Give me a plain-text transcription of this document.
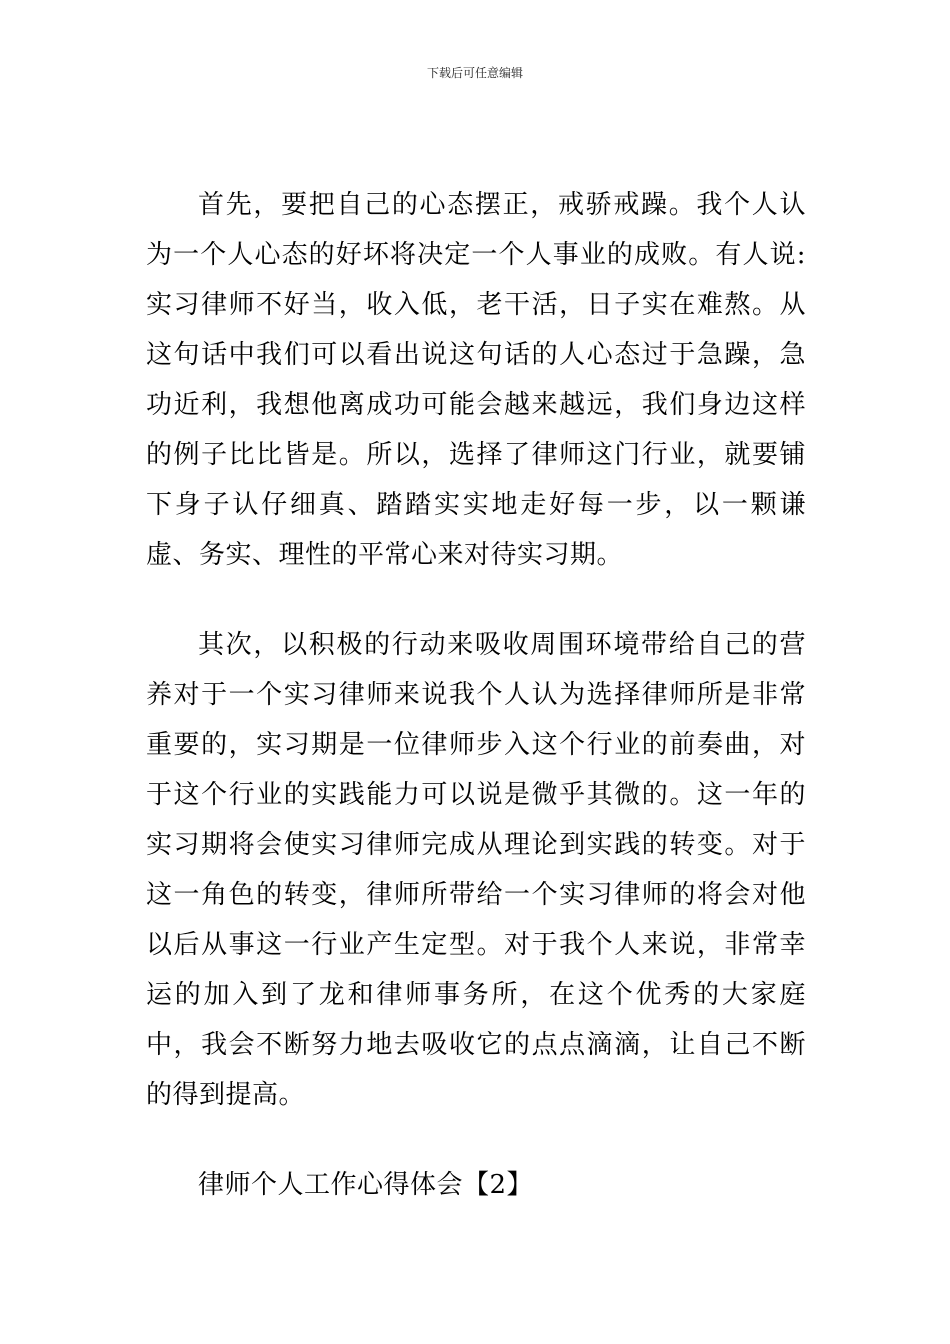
下载后可任意编辑

首先，要把自己的心态摆正，戒骄戒躁。我个人认为一个人心态的好坏将决定一个人事业的成败。有人说:实习律师不好当，收入低，老干活，日子实在难熬。从这句话中我们可以看出说这句话的人心态过于急躁，急功近利，我想他离成功可能会越来越远，我们身边这样的例子比比皆是。所以，选择了律师这门行业，就要铺下身子认仔细真、踏踏实实地走好每一步，以一颗谦虚、务实、理性的平常心来对待实习期。

其次，以积极的行动来吸收周围环境带给自己的营养对于一个实习律师来说我个人认为选择律师所是非常重要的，实习期是一位律师步入这个行业的前奏曲，对于这个行业的实践能力可以说是微乎其微的。这一年的实习期将会使实习律师完成从理论到实践的转变。对于这一角色的转变，律师所带给一个实习律师的将会对他以后从事这一行业产生定型。对于我个人来说，非常幸运的加入到了龙和律师事务所，在这个优秀的大家庭中，我会不断努力地去吸收它的点点滴滴，让自己不断的得到提高。

律师个人工作心得体会【2】
